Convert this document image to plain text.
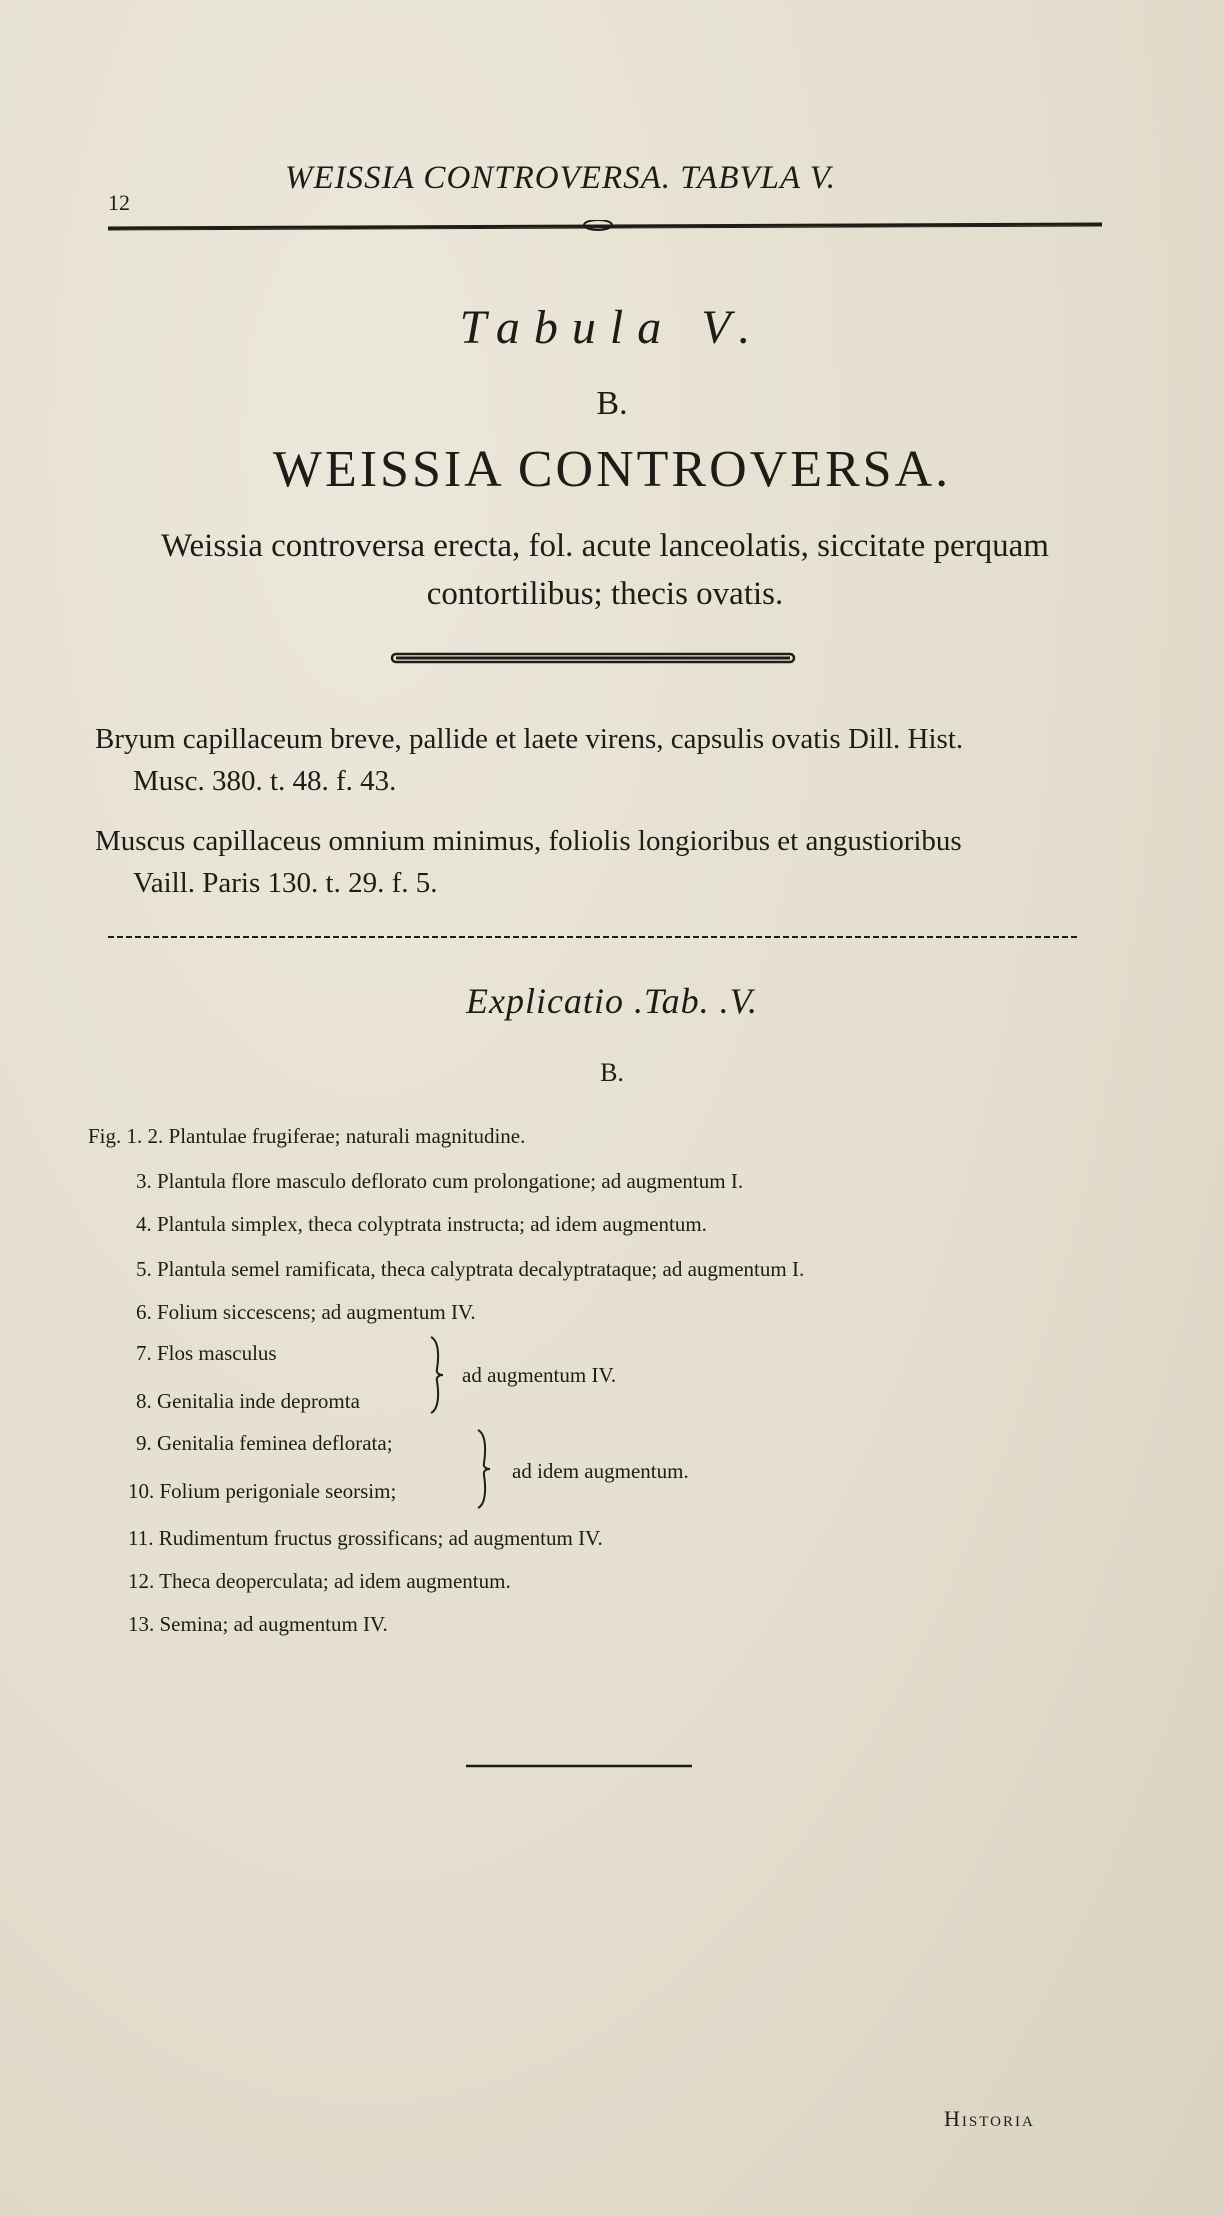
12
WEISSIA CONTROVERSA. TABVLA V.
Tabula V.
B.
WEISSIA CONTROVERSA.
Weissia controversa erecta, fol. acute lanceolatis, siccitate perquam
contortilibus; thecis ovatis.
Bryum capillaceum breve, pallide et laete virens, capsulis ovatis Dill. Hist.
Musc. 380. t. 48. f. 43.
Muscus capillaceus omnium minimus, foliolis longioribus et angustioribus
Vaill. Paris 130. t. 29. f. 5.
Explicatio .Tab. .V.
B.
Fig. 1. 2. Plantulae frugiferae; naturali magnitudine.
3. Plantula flore masculo deflorato cum prolongatione; ad augmentum I.
4. Plantula simplex, theca colyptrata instructa; ad idem augmentum.
5. Plantula semel ramificata, theca calyptrata decalyptrataque; ad augmentum I.
6. Folium siccescens; ad augmentum IV.
7. Flos masculus
8. Genitalia inde depromta
9. Genitalia feminea deflorata;
10. Folium perigoniale seorsim;
11. Rudimentum fructus grossificans; ad augmentum IV.
12. Theca deoperculata; ad idem augmentum.
13. Semina; ad augmentum IV.
ad augmentum IV.
ad idem augmentum.
Historia
